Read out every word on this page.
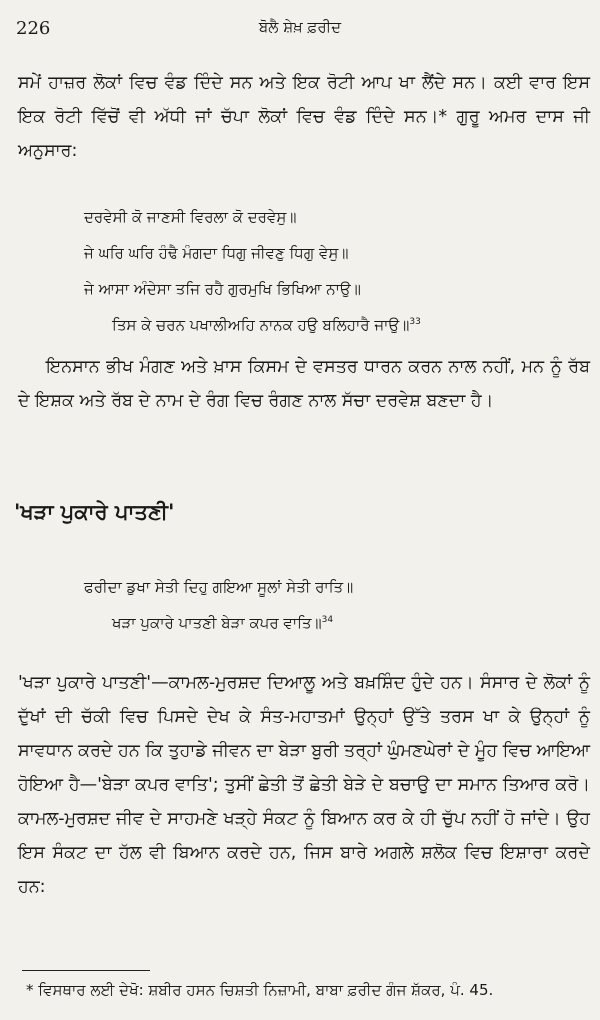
226	ਬੋਲੈ ਸ਼ੇਖ਼ ਫ਼ਰੀਦ

ਸਮੇਂ ਹਾਜ਼ਰ ਲੋਕਾਂ ਵਿਚ ਵੰਡ ਦਿੰਦੇ ਸਨ ਅਤੇ ਇਕ ਰੋਟੀ ਆਪ ਖਾ ਲੈਂਦੇ ਸਨ। ਕਈ ਵਾਰ ਇਸ ਇਕ ਰੋਟੀ ਵਿੱਚੋਂ ਵੀ ਅੱਧੀ ਜਾਂ ਚੱਪਾ ਲੋਕਾਂ ਵਿਚ ਵੰਡ ਦਿੰਦੇ ਸਨ।* ਗੁਰੂ ਅਮਰ ਦਾਸ ਜੀ ਅਨੁਸਾਰ:

ਦਰਵੇਸੀ ਕੋ ਜਾਣਸੀ ਵਿਰਲਾ ਕੋ ਦਰਵੇਸੁ॥
ਜੇ ਘਰਿ ਘਰਿ ਹੰਢੈ ਮੰਗਦਾ ਧਿਗੁ ਜੀਵਣੁ ਧਿਗੁ ਵੇਸੁ॥
ਜੇ ਆਸਾ ਅੰਦੇਸਾ ਤਜਿ ਰਹੈ ਗੁਰਮੁਖਿ ਭਿਖਿਆ ਨਾਉ॥
ਤਿਸ ਕੇ ਚਰਨ ਪਖਾਲੀਅਹਿ ਨਾਨਕ ਹਉ ਬਲਿਹਾਰੈ ਜਾਉ॥$^{33}$

ਇਨਸਾਨ ਭੀਖ ਮੰਗਣ ਅਤੇ ਖ਼ਾਸ ਕਿਸਮ ਦੇ ਵਸਤਰ ਧਾਰਨ ਕਰਨ ਨਾਲ ਨਹੀਂ, ਮਨ ਨੂੰ ਰੱਬ ਦੇ ਇਸ਼ਕ ਅਤੇ ਰੱਬ ਦੇ ਨਾਮ ਦੇ ਰੰਗ ਵਿਚ ਰੰਗਣ ਨਾਲ ਸੱਚਾ ਦਰਵੇਸ਼ ਬਣਦਾ ਹੈ।

'ਖੜਾ ਪੁਕਾਰੇ ਪਾਤਣੀ'
ਫਰੀਦਾ ਡੁਖਾ ਸੇਤੀ ਦਿਹੁ ਗਇਆ ਸੂਲਾਂ ਸੇਤੀ ਰਾਤਿ॥
ਖੜਾ ਪੁਕਾਰੇ ਪਾਤਣੀ ਬੇੜਾ ਕਪਰ ਵਾਤਿ॥$^{34}$

'ਖੜਾ ਪੁਕਾਰੇ ਪਾਤਣੀ'—ਕਾਮਲ-ਮੁਰਸ਼ਦ ਦਿਆਲੂ ਅਤੇ ਬਖ਼ਸ਼ਿੰਦ ਹੁੰਦੇ ਹਨ। ਸੰਸਾਰ ਦੇ ਲੋਕਾਂ ਨੂੰ ਦੁੱਖਾਂ ਦੀ ਚੱਕੀ ਵਿਚ ਪਿਸਦੇ ਦੇਖ ਕੇ ਸੰਤ-ਮਹਾਤਮਾਂ ਉਨ੍ਹਾਂ ਉੱਤੇ ਤਰਸ ਖਾ ਕੇ ਉਨ੍ਹਾਂ ਨੂੰ ਸਾਵਧਾਨ ਕਰਦੇ ਹਨ ਕਿ ਤੁਹਾਡੇ ਜੀਵਨ ਦਾ ਬੇੜਾ ਬੁਰੀ ਤਰ੍ਹਾਂ ਘੁੰਮਣਘੇਰਾਂ ਦੇ ਮੂੰਹ ਵਿਚ ਆਇਆ ਹੋਇਆ ਹੈ—'ਬੇੜਾ ਕਪਰ ਵਾਤਿ'; ਤੁਸੀਂ ਛੇਤੀ ਤੋਂ ਛੇਤੀ ਬੇੜੇ ਦੇ ਬਚਾਉ ਦਾ ਸਮਾਨ ਤਿਆਰ ਕਰੋ। ਕਾਮਲ-ਮੁਰਸ਼ਦ ਜੀਵ ਦੇ ਸਾਹਮਣੇ ਖੜ੍ਹੇ ਸੰਕਟ ਨੂੰ ਬਿਆਨ ਕਰ ਕੇ ਹੀ ਚੁੱਪ ਨਹੀਂ ਹੋ ਜਾਂਦੇ। ਉਹ ਇਸ ਸੰਕਟ ਦਾ ਹੱਲ ਵੀ ਬਿਆਨ ਕਰਦੇ ਹਨ, ਜਿਸ ਬਾਰੇ ਅਗਲੇ ਸ਼ਲੋਕ ਵਿਚ ਇਸ਼ਾਰਾ ਕਰਦੇ ਹਨ:

* ਵਿਸਥਾਰ ਲਈ ਦੇਖੋ: ਸ਼ਬੀਰ ਹਸਨ ਚਿਸ਼ਤੀ ਨਿਜ਼ਾਮੀ, ਬਾਬਾ ਫ਼ਰੀਦ ਗੰਜ ਸ਼ੱਕਰ, ਪੰ. 45.
